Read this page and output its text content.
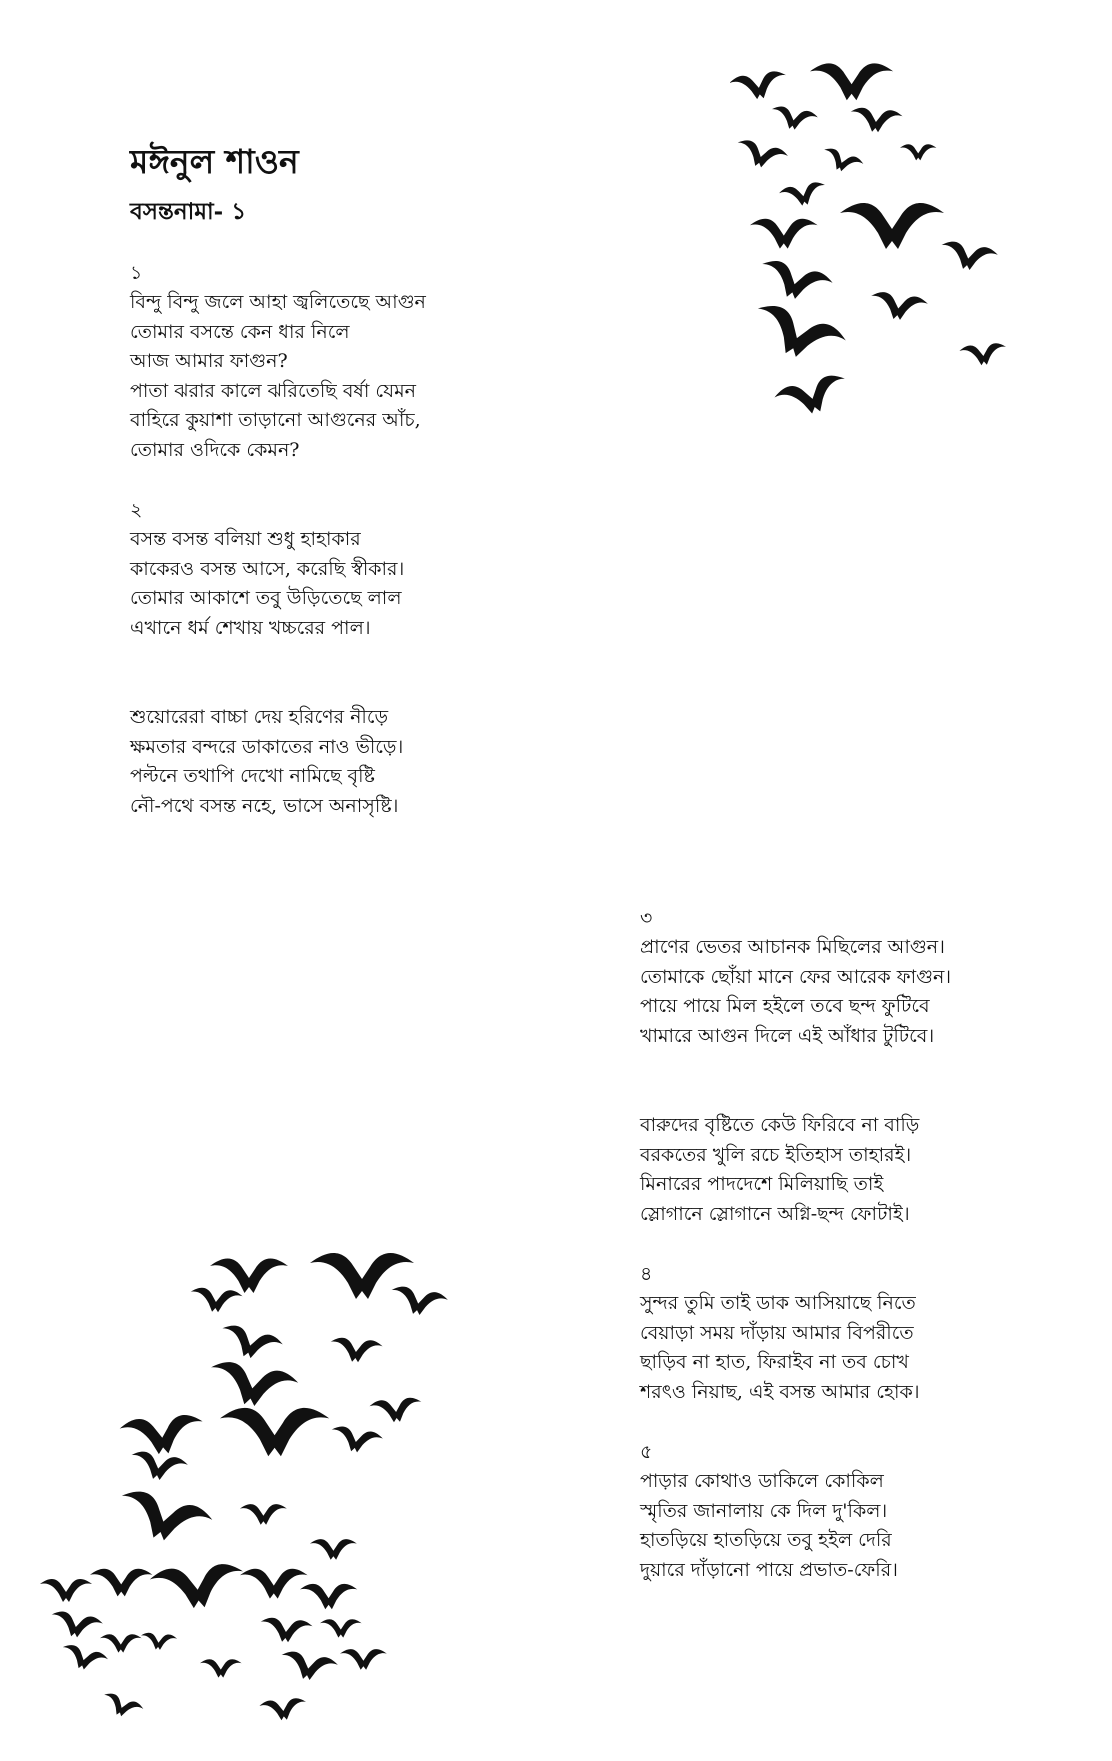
মঈনুল শাওন
বসন্তনামা- ১
১
বিন্দু বিন্দু জলে আহা জ্বলিতেছে আগুন
তোমার বসন্তে কেন ধার নিলে
আজ আমার ফাগুন?
পাতা ঝরার কালে ঝরিতেছি বর্ষা যেমন
বাহিরে কুয়াশা তাড়ানো আগুনের আঁচ,
তোমার ওদিকে কেমন?
২
বসন্ত বসন্ত বলিয়া শুধু হাহাকার
কাকেরও বসন্ত আসে, করেছি স্বীকার।
তোমার আকাশে তবু উড়িতেছে লাল
এখানে ধর্ম শেখায় খচ্চরের পাল।
শুয়োরেরা বাচ্চা দেয় হরিণের নীড়ে
ক্ষমতার বন্দরে ডাকাতের নাও ভীড়ে।
পল্টনে তথাপি দেখো নামিছে বৃষ্টি
নৌ-পথে বসন্ত নহে, ভাসে অনাসৃষ্টি।
৩
প্রাণের ভেতর আচানক মিছিলের আগুন।
তোমাকে ছোঁয়া মানে ফের আরেক ফাগুন।
পায়ে পায়ে মিল হইলে তবে ছন্দ ফুটিবে
খামারে আগুন দিলে এই আঁধার টুটিবে।
বারুদের বৃষ্টিতে কেউ ফিরিবে না বাড়ি
বরকতের খুলি রচে ইতিহাস তাহারই।
মিনারের পাদদেশে মিলিয়াছি তাই
স্লোগানে স্লোগানে অগ্নি-ছন্দ ফোটাই।
৪
সুন্দর তুমি তাই ডাক আসিয়াছে নিতে
বেয়াড়া সময় দাঁড়ায় আমার বিপরীতে
ছাড়িব না হাত, ফিরাইব না তব চোখ
শরৎও নিয়াছ, এই বসন্ত আমার হোক।
৫
পাড়ার কোথাও ডাকিলে কোকিল
স্মৃতির জানালায় কে দিল দু'কিল।
হাতড়িয়ে হাতড়িয়ে তবু হইল দেরি
দুয়ারে দাঁড়ানো পায়ে প্রভাত-ফেরি।
